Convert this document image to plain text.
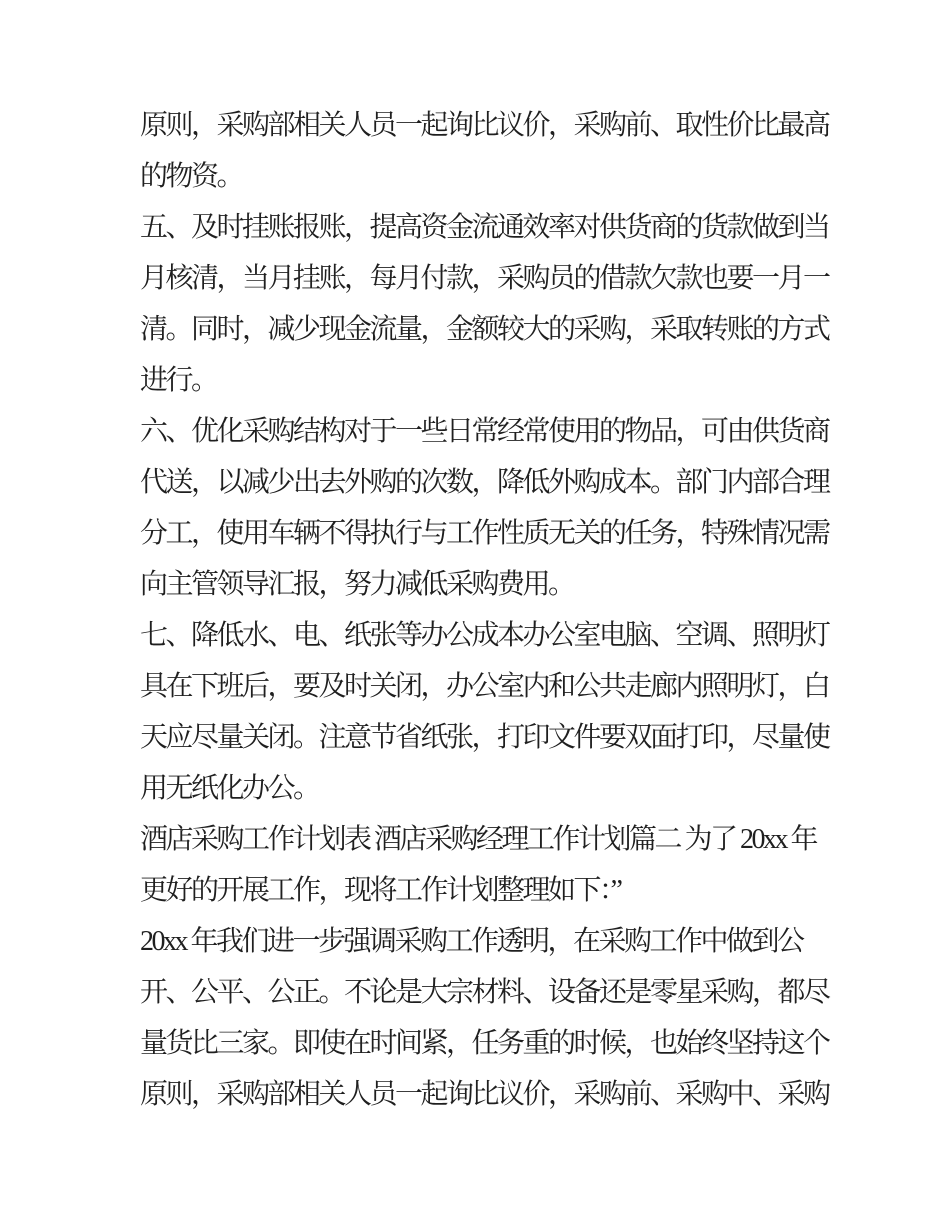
原则，采购部相关人员一起询比议价，采购前、取性价比最高
的物资。
五、及时挂账报账，提高资金流通效率对供货商的货款做到当
月核清，当月挂账，每月付款，采购员的借款欠款也要一月一
清。同时，减少现金流量，金额较大的采购，采取转账的方式
进行。
六、优化采购结构对于一些日常经常使用的物品，可由供货商
代送，以减少出去外购的次数，降低外购成本。部门内部合理
分工，使用车辆不得执行与工作性质无关的任务，特殊情况需
向主管领导汇报，努力减低采购费用。
七、降低水、电、纸张等办公成本办公室电脑、空调、照明灯
具在下班后，要及时关闭，办公室内和公共走廊内照明灯，白
天应尽量关闭。注意节省纸张，打印文件要双面打印，尽量使
用无纸化办公。
酒店采购工作计划表 酒店采购经理工作计划篇二 为了 20xx 年
更好的开展工作，现将工作计划整理如下：”
20xx 年我们进一步强调采购工作透明，在采购工作中做到公
开、公平、公正。不论是大宗材料、设备还是零星采购，都尽
量货比三家。即使在时间紧，任务重的时候，也始终坚持这个
原则，采购部相关人员一起询比议价，采购前、采购中、采购
